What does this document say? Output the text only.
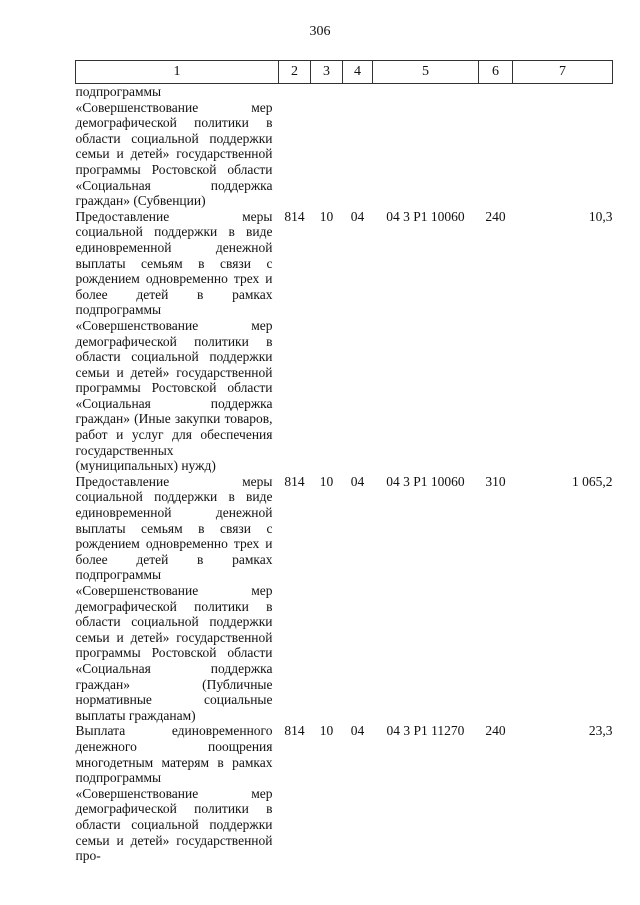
306
1	2	3	4	5	6	7
подпрограммы «Совершенствование мер демографической политики в области социальной поддержки семьи и детей» государственной программы Ростовской области «Социальная поддержка граждан» (Субвенции)						
Предоставление меры социальной поддержки в виде единовременной денежной выплаты семьям в связи с рождением одновременно трех и более детей в рамках подпрограммы «Совершенствование мер демографической политики в области социальной поддержки семьи и детей» государственной программы Ростовской области «Социальная поддержка граждан» (Иные закупки товаров, работ и услуг для обеспечения государственных (муниципальных) нужд)	814	10	04	04 3 P1 10060	240	10,3
Предоставление меры социальной поддержки в виде единовременной денежной выплаты семьям в связи с рождением одновременно трех и более детей в рамках подпрограммы «Совершенствование мер демографической политики в области социальной поддержки семьи и детей» государственной программы Ростовской области «Социальная поддержка граждан» (Публичные нормативные социальные выплаты гражданам)	814	10	04	04 3 P1 10060	310	1 065,2
Выплата единовременного денежного поощрения многодетным матерям в рамках подпрограммы «Совершенствование мер демографической политики в области социальной поддержки семьи и детей» государственной про-	814	10	04	04 3 P1 11270	240	23,3
